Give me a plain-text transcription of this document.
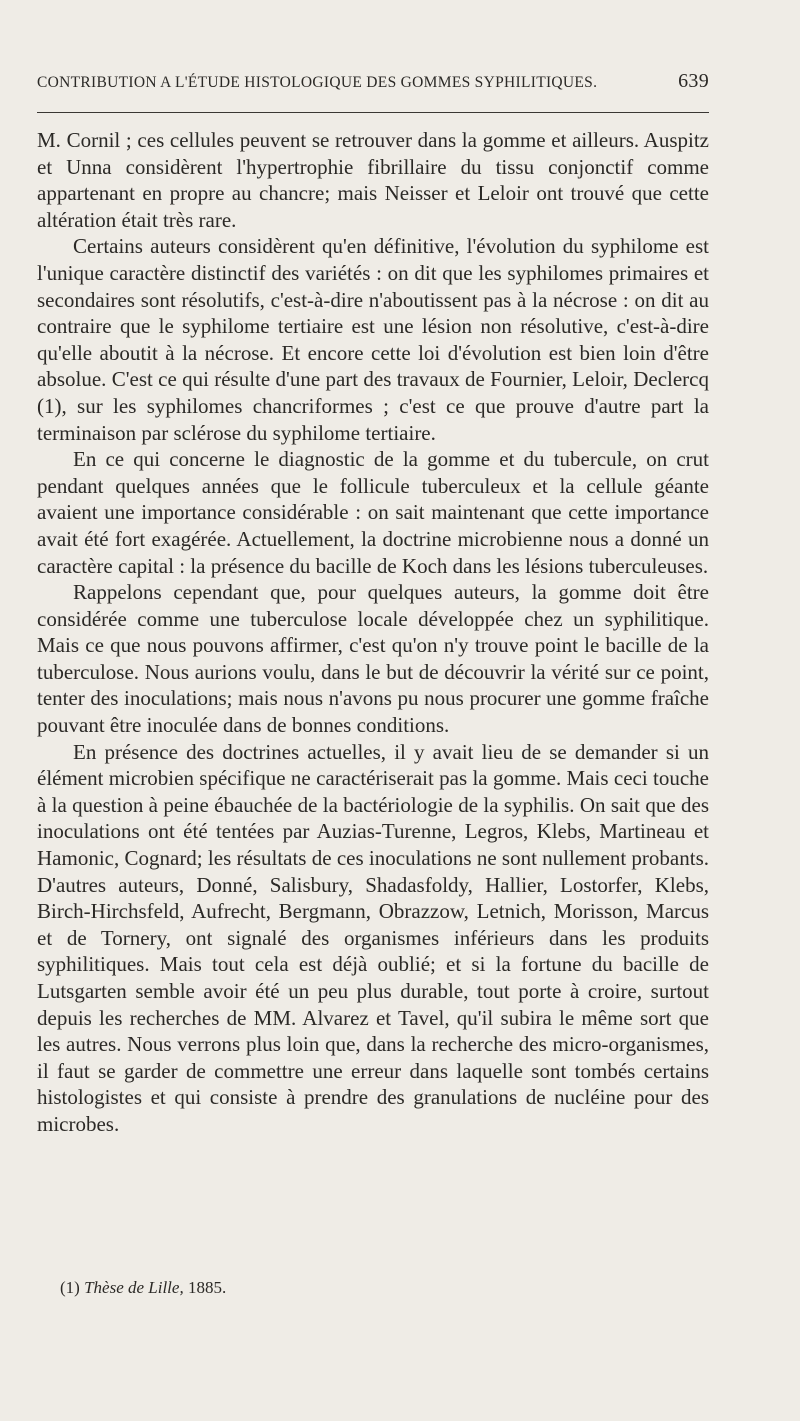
CONTRIBUTION A L'ÉTUDE HISTOLOGIQUE DES GOMMES SYPHILITIQUES.	639

M. Cornil ; ces cellules peuvent se retrouver dans la gomme et ailleurs. Auspitz et Unna considèrent l'hypertrophie fibrillaire du tissu conjonctif comme appartenant en propre au chancre; mais Neisser et Leloir ont trouvé que cette altération était très rare.

Certains auteurs considèrent qu'en définitive, l'évolution du syphilome est l'unique caractère distinctif des variétés : on dit que les syphilomes primaires et secondaires sont résolutifs, c'est-à-dire n'aboutissent pas à la nécrose : on dit au contraire que le syphilome tertiaire est une lésion non résolutive, c'est-à-dire qu'elle aboutit à la nécrose. Et encore cette loi d'évolution est bien loin d'être absolue. C'est ce qui résulte d'une part des travaux de Fournier, Leloir, Declercq (1), sur les syphilomes chancriformes ; c'est ce que prouve d'autre part la terminaison par sclérose du syphilome tertiaire.

En ce qui concerne le diagnostic de la gomme et du tubercule, on crut pendant quelques années que le follicule tuberculeux et la cellule géante avaient une importance considérable : on sait maintenant que cette importance avait été fort exagérée. Actuellement, la doctrine microbienne nous a donné un caractère capital : la présence du bacille de Koch dans les lésions tuberculeuses.

Rappelons cependant que, pour quelques auteurs, la gomme doit être considérée comme une tuberculose locale développée chez un syphilitique. Mais ce que nous pouvons affirmer, c'est qu'on n'y trouve point le bacille de la tuberculose. Nous aurions voulu, dans le but de découvrir la vérité sur ce point, tenter des inoculations; mais nous n'avons pu nous procurer une gomme fraîche pouvant être inoculée dans de bonnes conditions.

En présence des doctrines actuelles, il y avait lieu de se demander si un élément microbien spécifique ne caractériserait pas la gomme. Mais ceci touche à la question à peine ébauchée de la bactériologie de la syphilis. On sait que des inoculations ont été tentées par Auzias-Turenne, Legros, Klebs, Martineau et Hamonic, Cognard; les résultats de ces inoculations ne sont nullement probants. D'autres auteurs, Donné, Salisbury, Shadasfoldy, Hallier, Lostorfer, Klebs, Birch-Hirchsfeld, Aufrecht, Bergmann, Obrazzow, Letnich, Morisson, Marcus et de Tornery, ont signalé des organismes inférieurs dans les produits syphilitiques. Mais tout cela est déjà oublié; et si la fortune du bacille de Lutsgarten semble avoir été un peu plus durable, tout porte à croire, surtout depuis les recherches de MM. Alvarez et Tavel, qu'il subira le même sort que les autres. Nous verrons plus loin que, dans la recherche des micro-organismes, il faut se garder de commettre une erreur dans laquelle sont tombés certains histologistes et qui consiste à prendre des granulations de nucléine pour des microbes.

(1) Thèse de Lille, 1885.
